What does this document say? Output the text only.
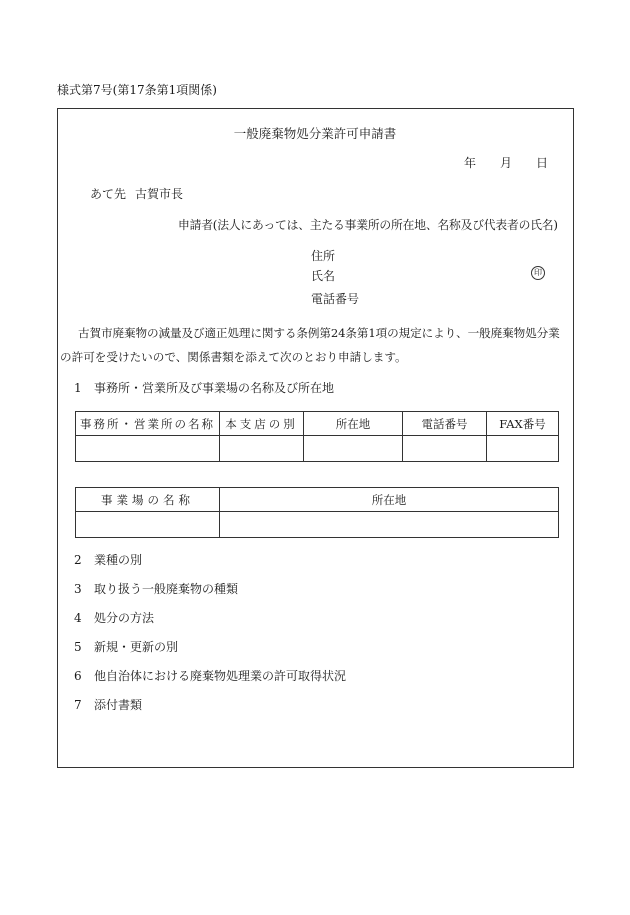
様式第7号(第17条第1項関係)
一般廃棄物処分業許可申請書
年 月 日
あて先 古賀市長
申請者(法人にあっては、主たる事業所の所在地、名称及び代表者の氏名)
住所
氏名	印
電話番号
古賀市廃棄物の減量及び適正処理に関する条例第24条第1項の規定により、一般廃棄物処分業
の許可を受けたいので、関係書類を添えて次のとおり申請します。
1 事務所・営業所及び事業場の名称及び所在地
事務所・営業所の名称	本支店の別	所在地	電話番号	FAX番号

事業場の名称	所在地

2 業種の別
3 取り扱う一般廃棄物の種類
4 処分の方法
5 新規・更新の別
6 他自治体における廃棄物処理業の許可取得状況
7 添付書類
